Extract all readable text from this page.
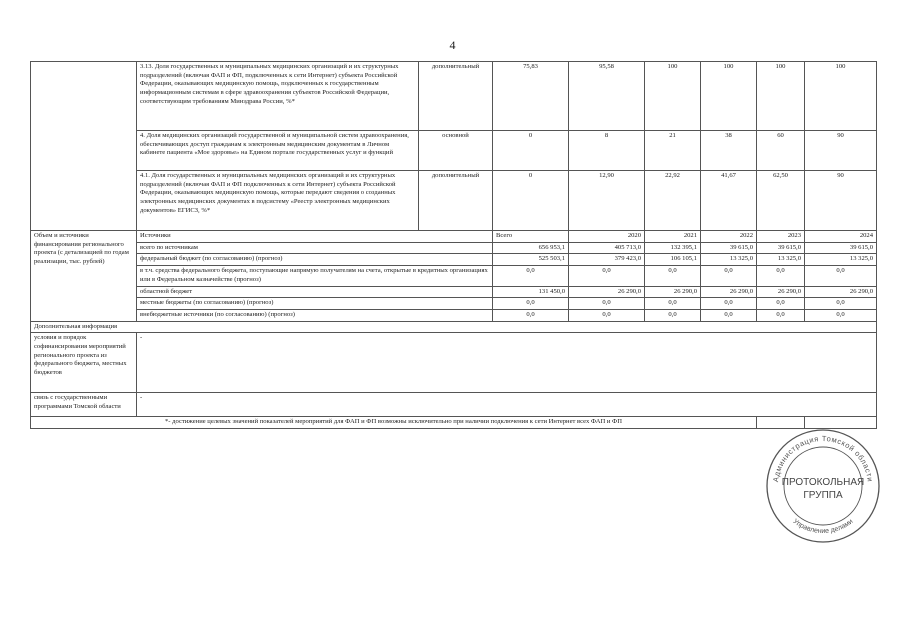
4
	3.13. Доля государственных и муниципальных медицинских организаций и их структурных подразделений (включая ФАП и ФП, подключенных к сети Интернет) субъекта Российской Федерации, оказывающих медицинскую помощь, подключенных к государственным информационным системам в сфере здравоохранения субъектов Российской Федерации, соответствующим требованиям Минздрава России, %*	дополнительный	75,83	95,58	100	100	100	100	
	4. Доля медицинских организаций государственной и муниципальной систем здравоохранения, обеспечивающих доступ гражданам к электронным медицинским документам в Личном кабинете пациента «Мое здоровье» на Едином портале государственных услуг и функций	основной	0	8	21	38	60	90	
	4.1. Доля государственных и муниципальных медицинских организаций и их структурных подразделений (включая ФАП и ФП подключенных к сети Интернет) субъекта Российской Федерации, оказывающих медицинскую помощь, которые передают сведения о созданных электронных медицинских документах в подсистему «Реестр электронных медицинских документов» ЕГИСЗ, %*	дополнительный	0	12,90	22,92	41,67	62,50	90	
Объем и источники финансирования регионального проекта (с детализацией по годам реализации, тыс. рублей)	Источники		Всего	2020	2021	2022	2023	2024	
	всего по источникам		656 953,1	405 713,0	132 395,1	39 615,0	39 615,0	39 615,0	
	федеральный бюджет (по согласованию) (прогноз)		525 503,1	379 423,0	106 105,1	13 325,0	13 325,0	13 325,0	
	в т.ч. средства федерального бюджета, поступающие напрямую получателям на счета, открытые в кредитных организациях или в Федеральном казначействе (прогноз)		0,0	0,0	0,0	0,0	0,0	0,0	
	областной бюджет		131 450,0	26 290,0	26 290,0	26 290,0	26 290,0	26 290,0	
	местные бюджеты (по согласованию) (прогноз)		0,0	0,0	0,0	0,0	0,0	0,0	
	внебюджетные источники (по согласованию) (прогноз)		0,0	0,0	0,0	0,0	0,0	0,0	
Дополнительная информация									
условия и порядок софинансирования мероприятий регионального проекта из федерального бюджета, местных бюджетов	-								
связь с государственными программами Томской области	-								
*- достижение целевых значений показателей мероприятий для ФАП и ФП возможны исключительно при наличии подключения к сети Интернет всех ФАП и ФП									
Администрация Томской области
Управление делами
ПРОТОКОЛЬНАЯ
ГРУППА
